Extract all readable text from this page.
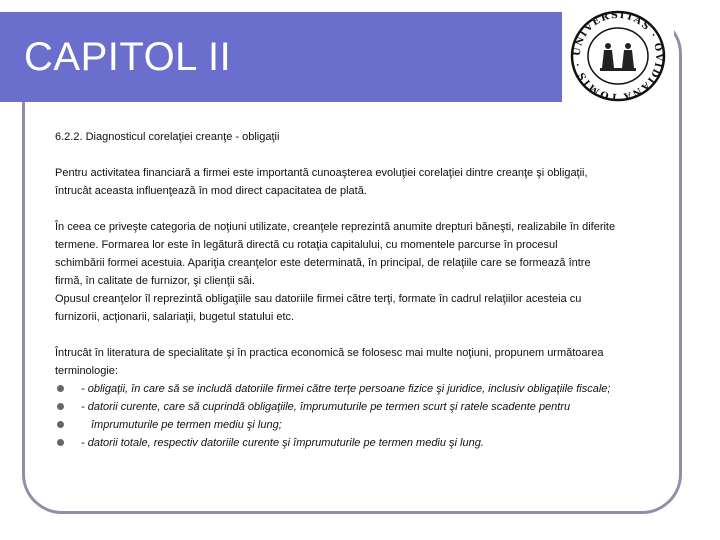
CAPITOL II
TOMIS · UNIVERSITAS · OVIDIANA

6.2.2. Diagnosticul corelaţiei creanţe - obligaţii

Pentru activitatea financiară a firmei este importantă cunoaşterea evoluţiei corelaţiei dintre creanţe şi obligaţii,

întrucât aceasta influenţează în mod direct capacitatea de plată.

În ceea ce priveşte categoria de noţiuni utilizate, creanţele reprezintă anumite drepturi băneşti, realizabile în diferite

termene. Formarea lor este în legătură directă cu rotaţia capitalului, cu momentele parcurse în procesul

schimbării formei acestuia. Apariţia creanţelor este determinată, în principal, de relaţiile care se formează între

firmă, în calitate de furnizor, şi clienţii săi.

Opusul creanţelor îl reprezintă obligaţiile sau datoriile firmei către terţi, formate în cadrul relaţiilor acesteia cu

furnizorii, acţionarii, salariaţii, bugetul statului etc.

Întrucât în literatura de specialitate şi în practica economică se folosesc mai multe noţiuni, propunem următoarea

terminologie:

- obligaţii, în care să se includă datoriile firmei către terţe persoane fizice şi juridice, inclusiv obligaţiile fiscale;
- datorii curente, care să cuprindă obligaţiile, împrumuturile pe termen scurt şi ratele scadente pentru
împrumuturile pe termen mediu şi lung;
- datorii totale, respectiv datoriile curente şi împrumuturile pe termen mediu şi lung.
